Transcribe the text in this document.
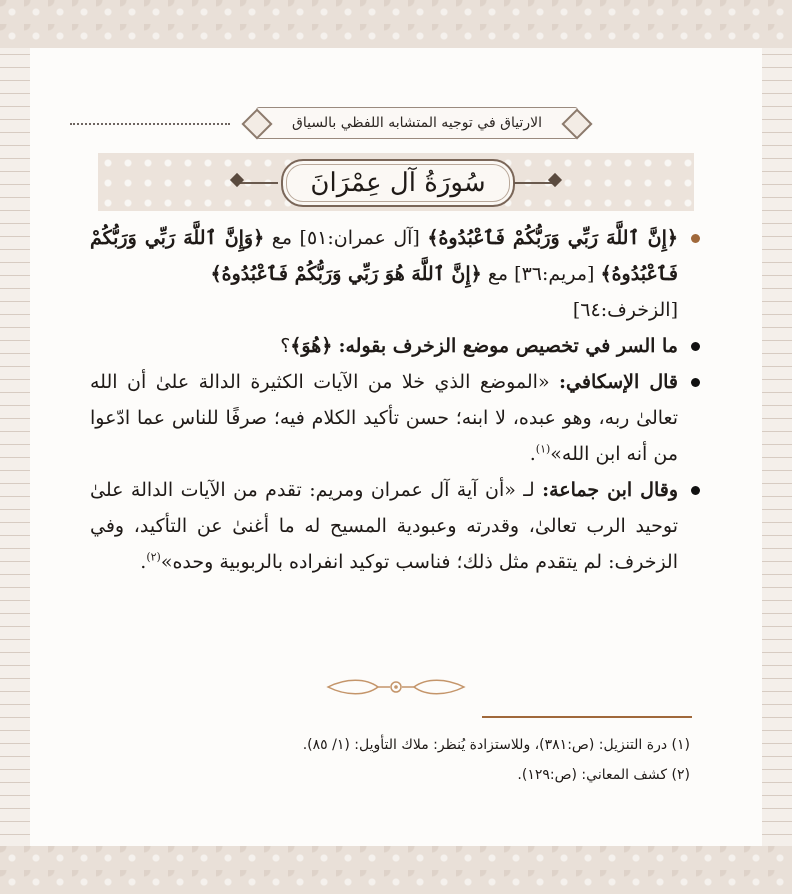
الارتياق في توجيه المتشابه اللفظي بالسياق
سُورَةُ آل عِمْرَانَ

﴿إِنَّ ٱللَّهَ رَبِّي وَرَبُّكُمْ فَٱعْبُدُوهُ﴾ [آل عمران:٥١] مع ﴿وَإِنَّ ٱللَّهَ رَبِّي وَرَبُّكُمْ فَٱعْبُدُوهُ﴾ [مريم:٣٦] مع ﴿إِنَّ ٱللَّهَ هُوَ رَبِّي وَرَبُّكُمْ فَٱعْبُدُوهُ﴾
[الزخرف:٦٤]

ما السر في تخصيص موضع الزخرف بقوله: ﴿هُوَ﴾؟

قال الإسكافي: «الموضع الذي خلا من الآيات الكثيرة الدالة علىٰ أن الله تعالىٰ ربه، وهو عبده، لا ابنه؛ حسن تأكيد الكلام فيه؛ صرفًا للناس عما ادّعوا من أنه ابن الله»$^{(١)}$.

وقال ابن جماعة: لـ «أن آية آل عمران ومريم: تقدم من الآيات الدالة علىٰ توحيد الرب تعالىٰ، وقدرته وعبودية المسيح له ما أغنىٰ عن التأكيد، وفي الزخرف: لم يتقدم مثل ذلك؛ فناسب توكيد انفراده بالربوبية وحده»$^{(٢)}$.

(١) درة التنزيل: (ص:٣٨١)، وللاستزادة يُنظر: ملاك التأويل: (١/ ٨٥).
(٢) كشف المعاني: (ص:١٢٩).
